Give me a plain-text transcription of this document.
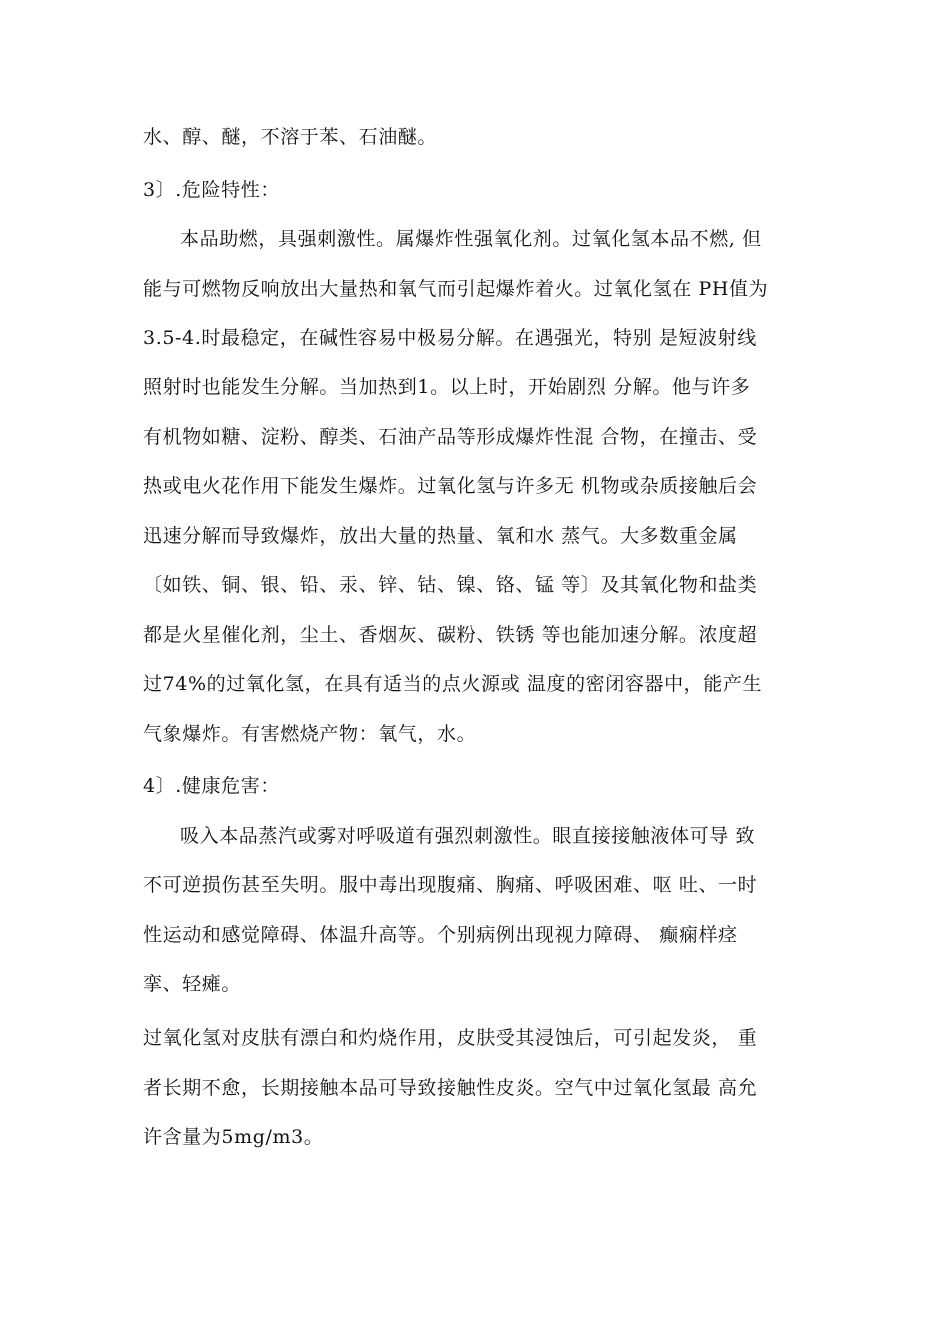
水、醇、醚，不溶于苯、石油醚。
3〕.危险特性：
本品助燃，具强刺激性。属爆炸性强氧化剂。过氧化氢本品不燃, 但
能与可燃物反响放出大量热和氧气而引起爆炸着火。过氧化氢在 PH值为
3.5-4.时最稳定，在碱性容易中极易分解。在遇强光，特别 是短波射线
照射时也能发生分解。当加热到1。以上时，开始剧烈 分解。他与许多
有机物如糖、淀粉、醇类、石油产品等形成爆炸性混 合物，在撞击、受
热或电火花作用下能发生爆炸。过氧化氢与许多无 机物或杂质接触后会
迅速分解而导致爆炸，放出大量的热量、氧和水 蒸气。大多数重金属
〔如铁、铜、银、铅、汞、锌、钴、镍、铬、锰 等〕及其氧化物和盐类
都是火星催化剂，尘土、香烟灰、碳粉、铁锈 等也能加速分解。浓度超
过74%的过氧化氢，在具有适当的点火源或 温度的密闭容器中，能产生
气象爆炸。有害燃烧产物：氧气，水。
4〕.健康危害：
吸入本品蒸汽或雾对呼吸道有强烈刺激性。眼直接接触液体可导 致
不可逆损伤甚至失明。服中毒出现腹痛、胸痛、呼吸困难、呕 吐、一时
性运动和感觉障碍、体温升高等。个别病例出现视力障碍、 癫痫样痉
挛、轻瘫。
过氧化氢对皮肤有漂白和灼烧作用，皮肤受其浸蚀后，可引起发炎， 重
者长期不愈，长期接触本品可导致接触性皮炎。空气中过氧化氢最 高允
许含量为5mg/m3。
